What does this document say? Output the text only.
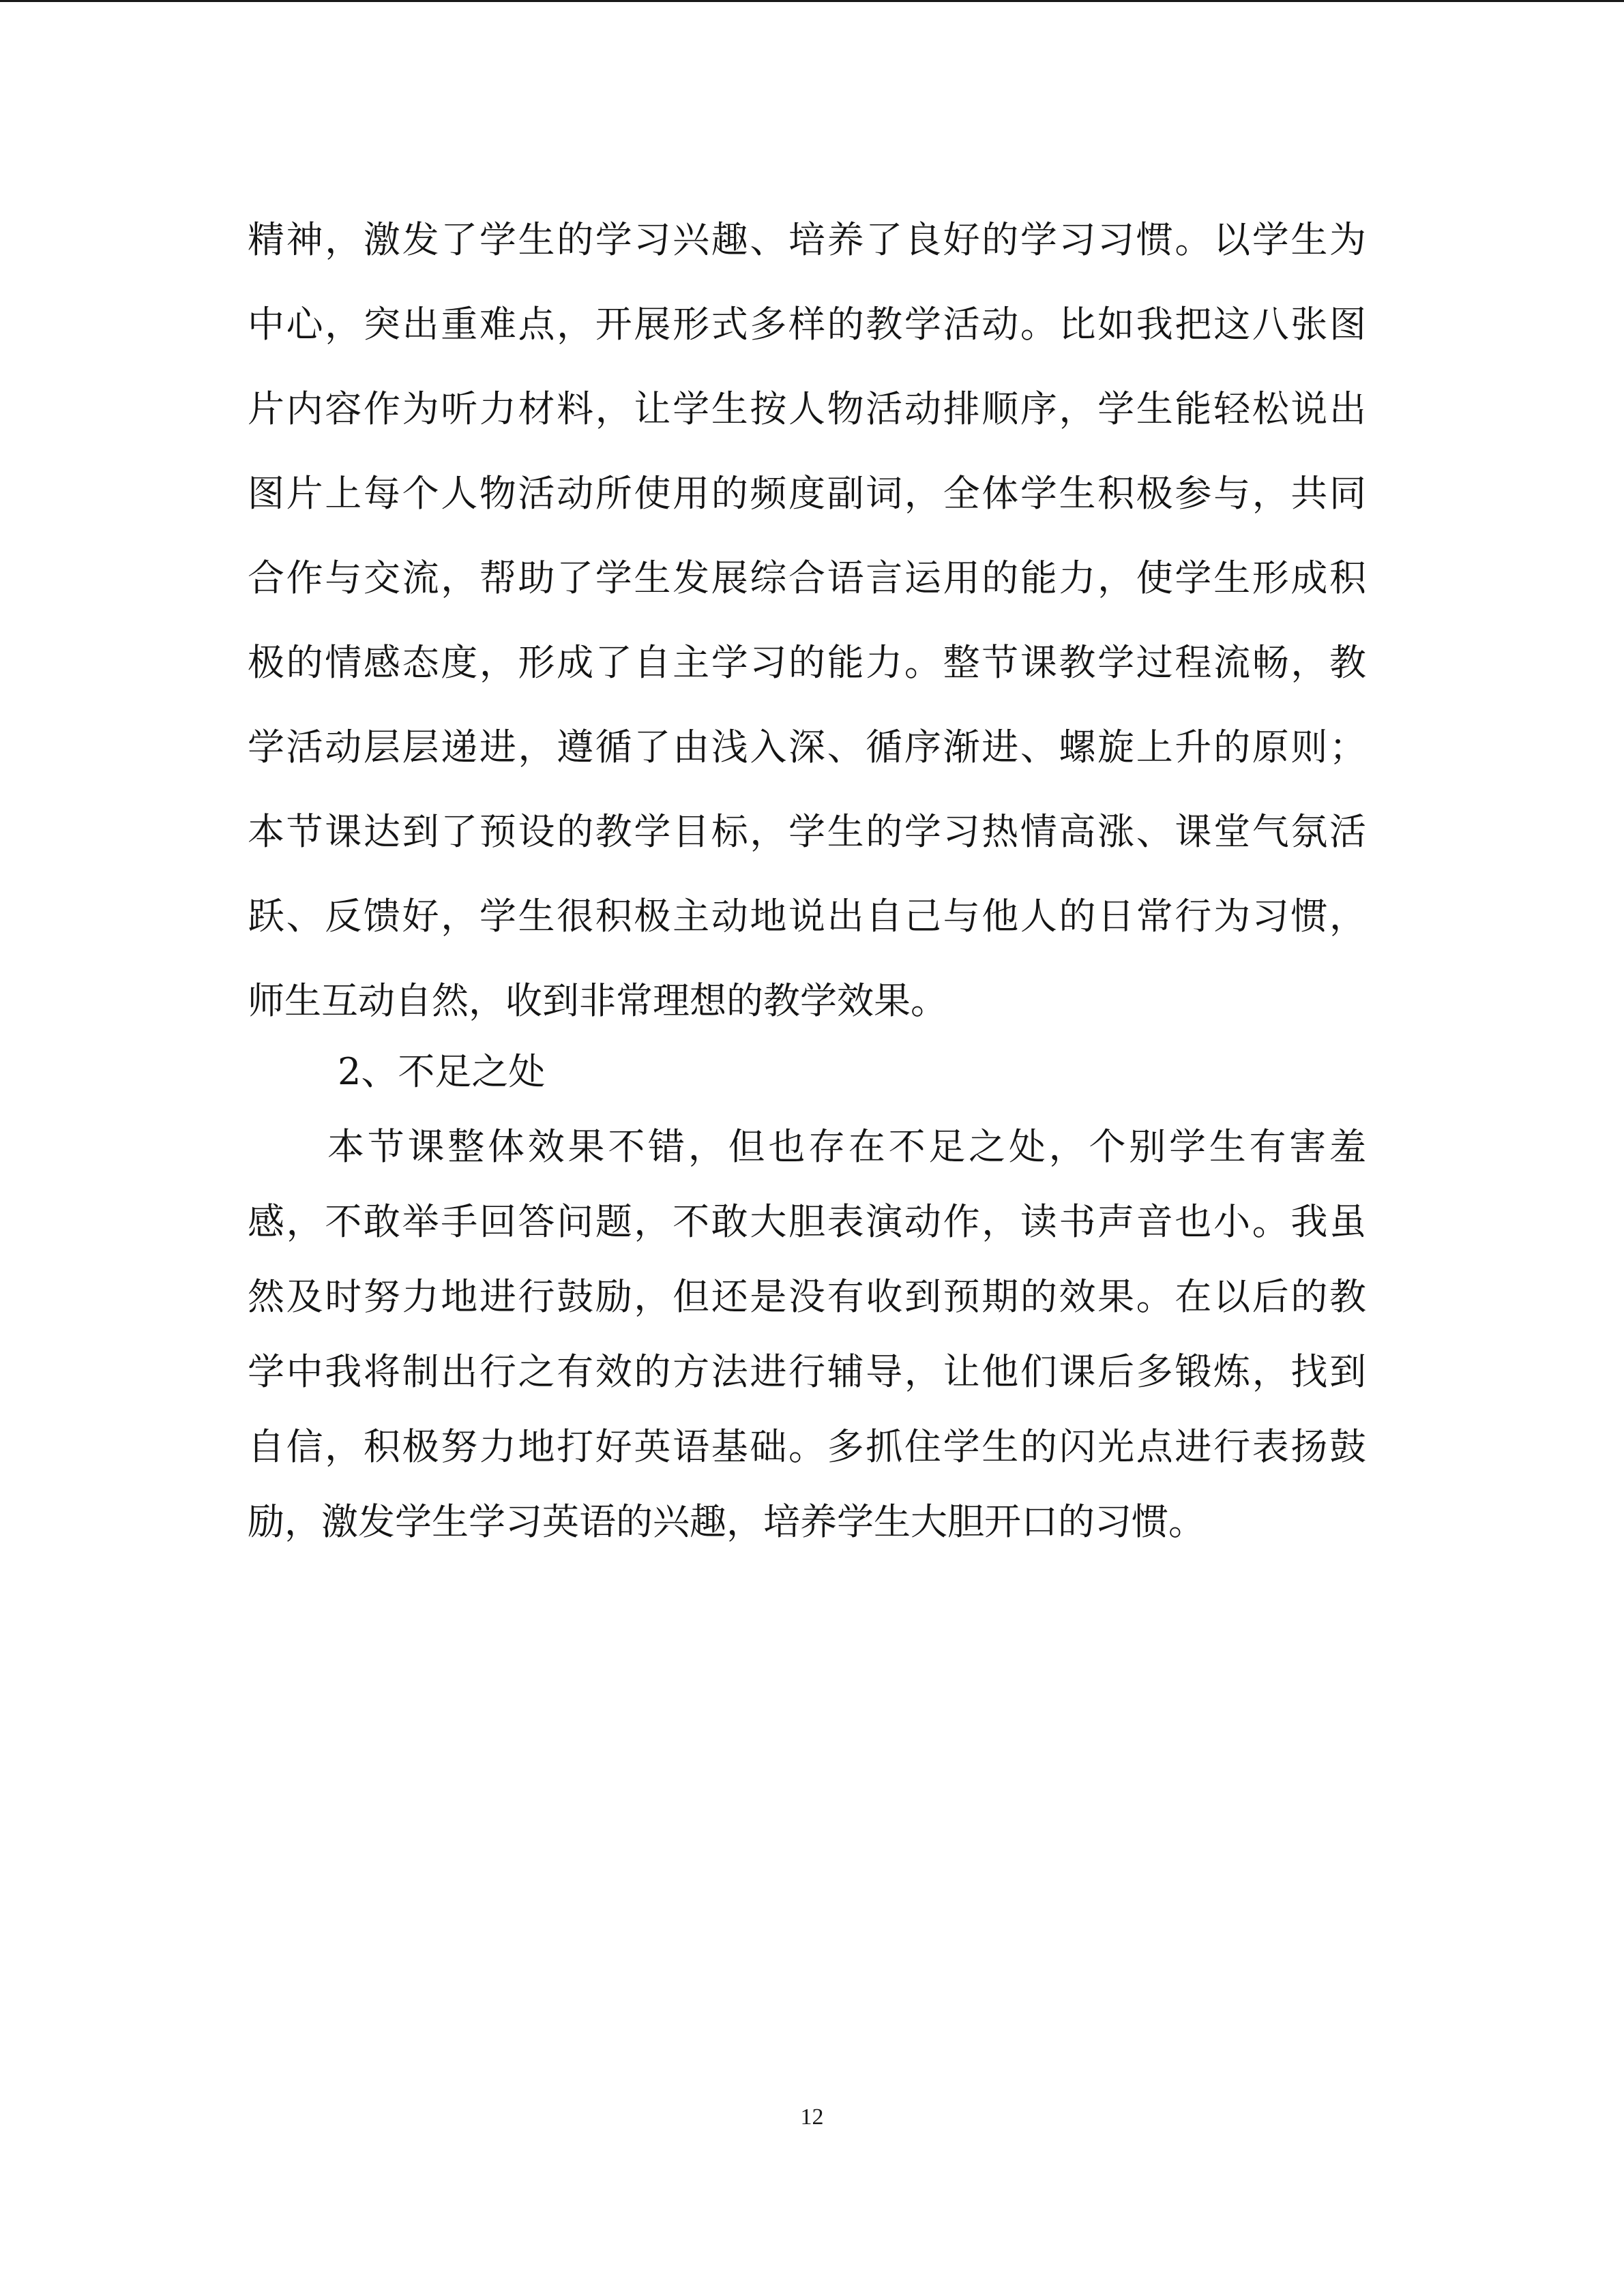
精神，激发了学生的学习兴趣、培养了良好的学习习惯。以学生为
中心，突出重难点，开展形式多样的教学活动。比如我把这八张图
片内容作为听力材料，让学生按人物活动排顺序，学生能轻松说出
图片上每个人物活动所使用的频度副词，全体学生积极参与，共同
合作与交流，帮助了学生发展综合语言运用的能力，使学生形成积
极的情感态度，形成了自主学习的能力。整节课教学过程流畅，教
学活动层层递进，遵循了由浅入深、循序渐进、螺旋上升的原则；
本节课达到了预设的教学目标，学生的学习热情高涨、课堂气氛活
跃、反馈好，学生很积极主动地说出自己与他人的日常行为习惯，
师生互动自然，收到非常理想的教学效果。
2、不足之处
本节课整体效果不错，但也存在不足之处，个别学生有害羞
感，不敢举手回答问题，不敢大胆表演动作，读书声音也小。我虽
然及时努力地进行鼓励，但还是没有收到预期的效果。在以后的教
学中我将制出行之有效的方法进行辅导，让他们课后多锻炼，找到
自信，积极努力地打好英语基础。多抓住学生的闪光点进行表扬鼓
励，激发学生学习英语的兴趣，培养学生大胆开口的习惯。
12
